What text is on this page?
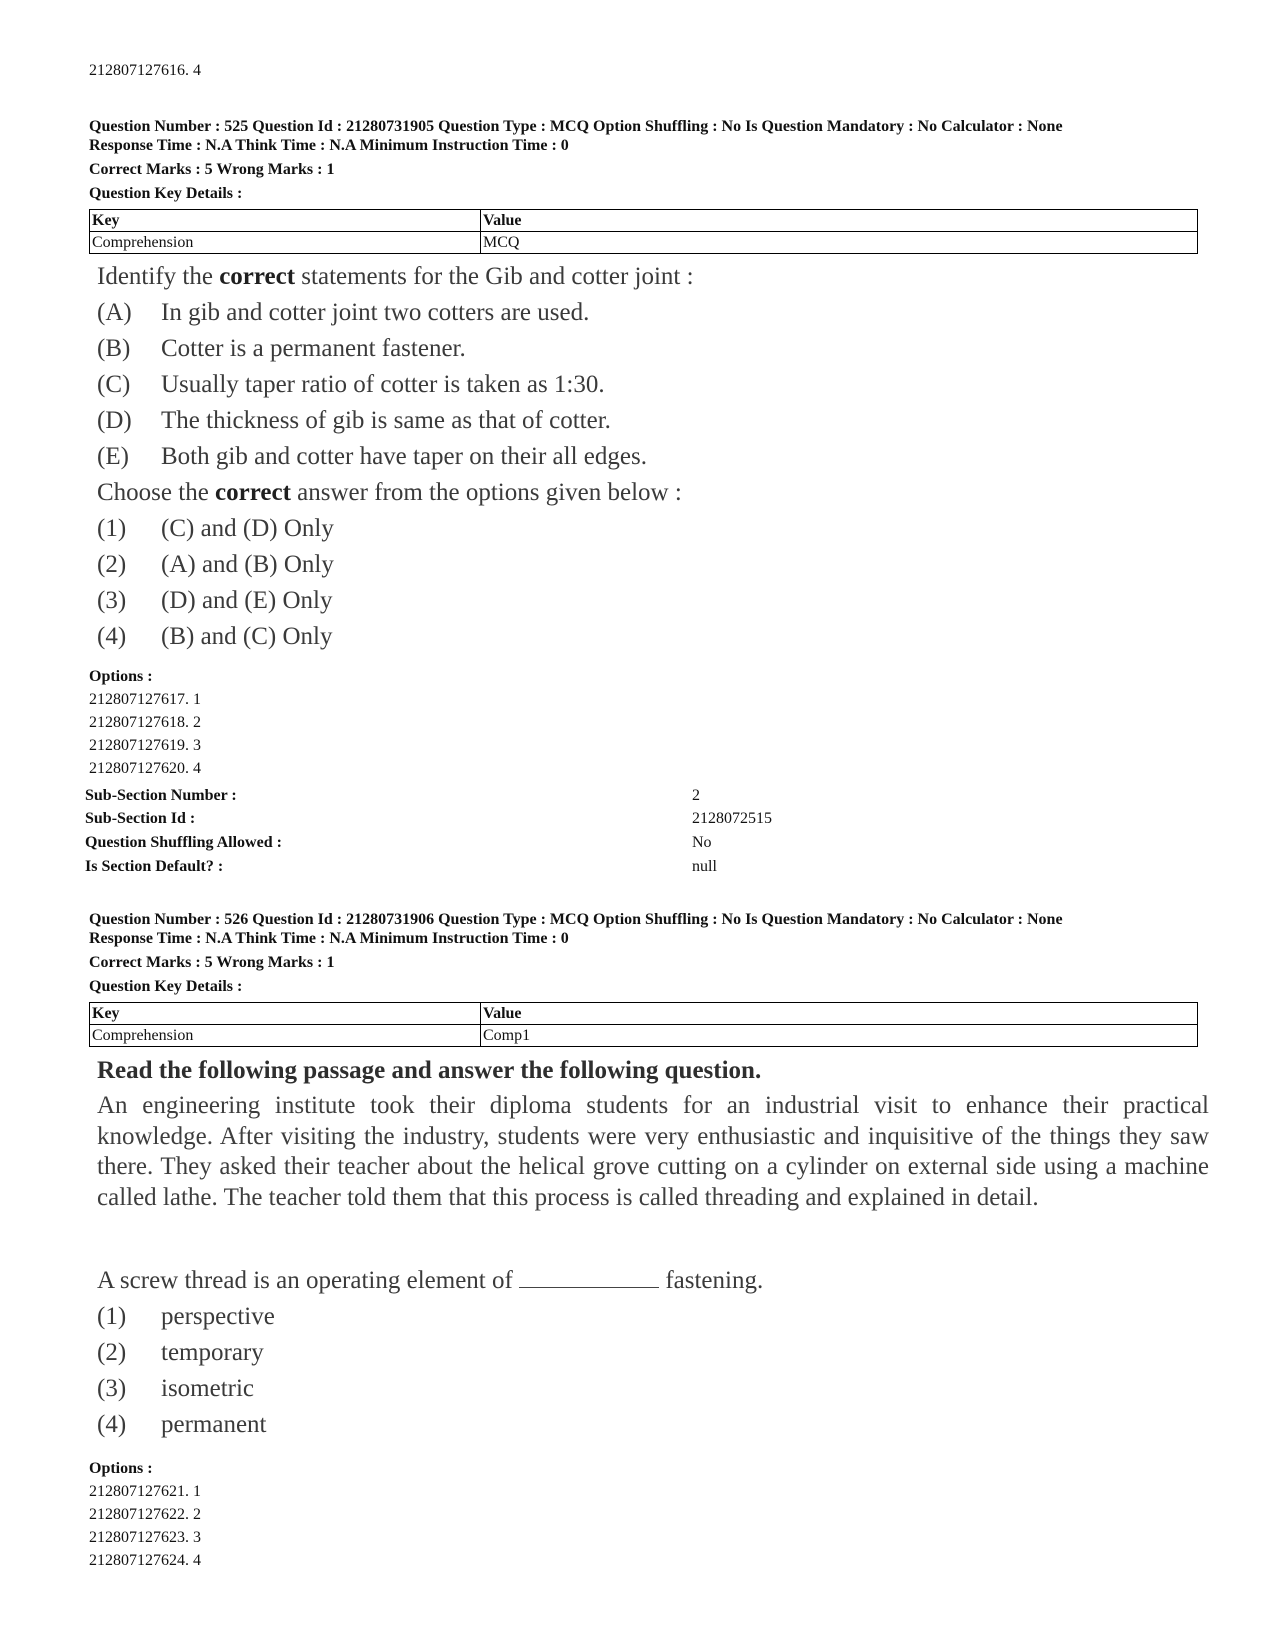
212807127616. 4
Question Number : 525 Question Id : 21280731905 Question Type : MCQ Option Shuffling : No Is Question Mandatory : No Calculator : None
Response Time : N.A Think Time : N.A Minimum Instruction Time : 0
Correct Marks : 5 Wrong Marks : 1
Question Key Details :
Key	Value
Comprehension	MCQ
Identify the correct statements for the Gib and cotter joint :
(A) In gib and cotter joint two cotters are used.
(B) Cotter is a permanent fastener.
(C) Usually taper ratio of cotter is taken as 1:30.
(D) The thickness of gib is same as that of cotter.
(E) Both gib and cotter have taper on their all edges.
Choose the correct answer from the options given below :
(1) (C) and (D) Only
(2) (A) and (B) Only
(3) (D) and (E) Only
(4) (B) and (C) Only
Options :
212807127617. 1
212807127618. 2
212807127619. 3
212807127620. 4
Sub-Section Number :	2
Sub-Section Id :	2128072515
Question Shuffling Allowed :	No
Is Section Default? :	null
Question Number : 526 Question Id : 21280731906 Question Type : MCQ Option Shuffling : No Is Question Mandatory : No Calculator : None
Response Time : N.A Think Time : N.A Minimum Instruction Time : 0
Correct Marks : 5 Wrong Marks : 1
Question Key Details :
Key	Value
Comprehension	Comp1
Read the following passage and answer the following question.
An engineering institute took their diploma students for an industrial visit to enhance their practical knowledge. After visiting the industry, students were very enthusiastic and inquisitive of the things they saw there. They asked their teacher about the helical grove cutting on a cylinder on external side using a machine called lathe. The teacher told them that this process is called threading and explained in detail.
A screw thread is an operating element of	fastening.
(1) perspective
(2) temporary
(3) isometric
(4) permanent
Options :
212807127621. 1
212807127622. 2
212807127623. 3
212807127624. 4
